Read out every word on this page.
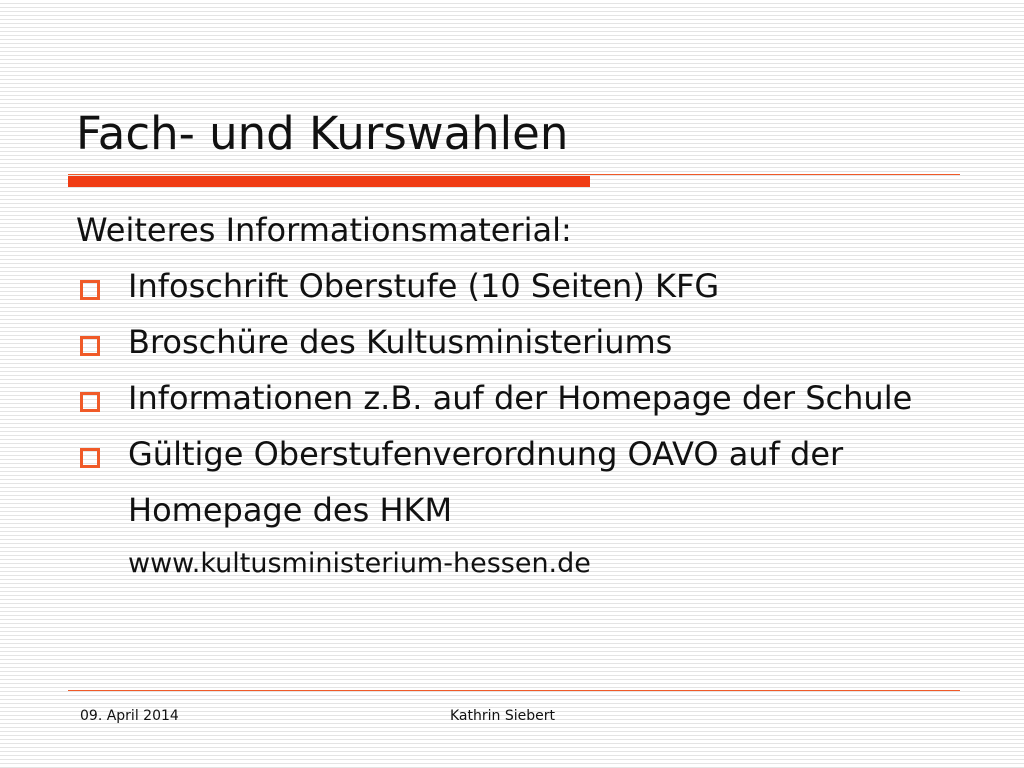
Fach- und Kurswahlen
Weiteres Informationsmaterial:
Infoschrift Oberstufe (10 Seiten) KFG
Broschüre des Kultusministeriums
Informationen z.B. auf der Homepage der Schule
Gültige Oberstufenverordnung OAVO auf der Homepage des HKM
www.kultusministerium-hessen.de
09. April 2014	Kathrin Siebert
